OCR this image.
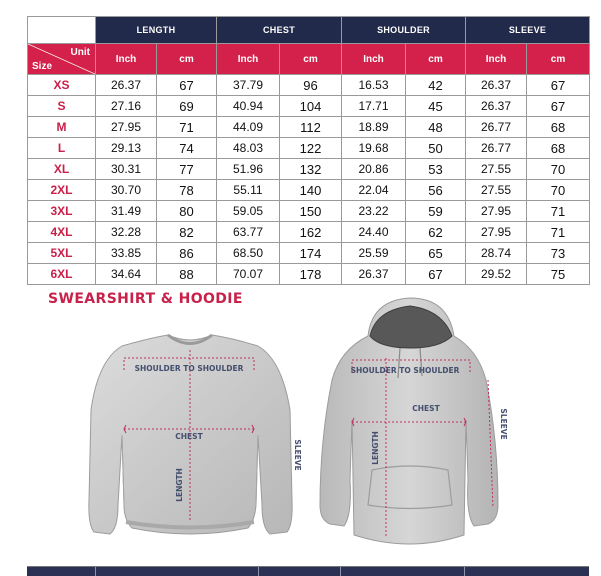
	LENGTH		CHEST		SHOULDER		SLEEVE	

Unit
Size	Inch	cm	Inch	cm	Inch	cm	Inch	cm
XS	26.37	67	37.79	96	16.53	42	26.37	67
S	27.16	69	40.94	104	17.71	45	26.37	67
M	27.95	71	44.09	112	18.89	48	26.77	68
L	29.13	74	48.03	122	19.68	50	26.77	68
XL	30.31	77	51.96	132	20.86	53	27.55	70
2XL	30.70	78	55.11	140	22.04	56	27.55	70
3XL	31.49	80	59.05	150	23.22	59	27.95	71
4XL	32.28	82	63.77	162	24.40	62	27.95	71
5XL	33.85	86	68.50	174	25.59	65	28.74	73
6XL	34.64	88	70.07	178	26.37	67	29.52	75
SWEARSHIRT & HOODIE
SHOULDER TO SHOULDER
CHEST
LENGTH
SLEEVE
SHOULDER TO SHOULDER
CHEST
LENGTH
SLEEVE
